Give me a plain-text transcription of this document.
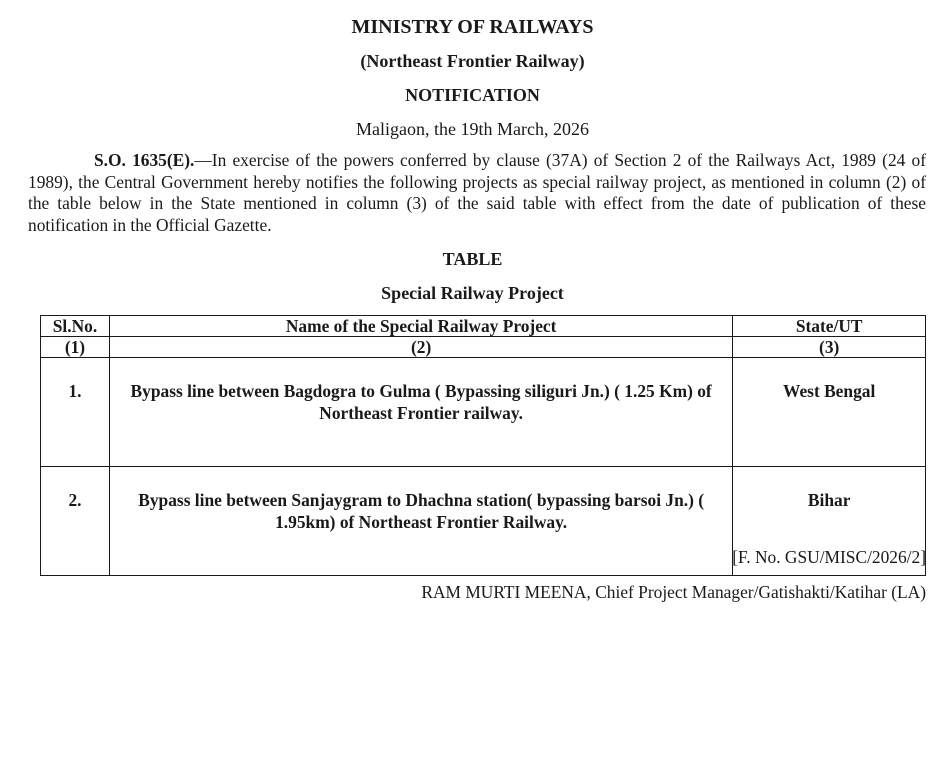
MINISTRY OF RAILWAYS
(Northeast Frontier Railway)
NOTIFICATION
Maligaon, the 19th March, 2026
S.O. 1635(E).—In exercise of the powers conferred by clause (37A) of Section 2 of the Railways Act, 1989 (24 of 1989), the Central Government hereby notifies the following projects as special railway project, as mentioned in column (2) of the table below in the State mentioned in column (3) of the said table with effect from the date of publication of these notification in the Official Gazette.
TABLE
Special Railway Project
Sl.No.	Name of the Special Railway Project	State/UT
(1)	(2)	(3)
1.	Bypass line between Bagdogra to Gulma ( Bypassing siliguri Jn.) ( 1.25 Km) of Northeast Frontier railway.	West Bengal
2.	Bypass line between Sanjaygram to Dhachna station( bypassing barsoi Jn.) ( 1.95km) of Northeast Frontier Railway.	Bihar
[F. No. GSU/MISC/2026/2]
RAM MURTI MEENA, Chief Project Manager/Gatishakti/Katihar (LA)
